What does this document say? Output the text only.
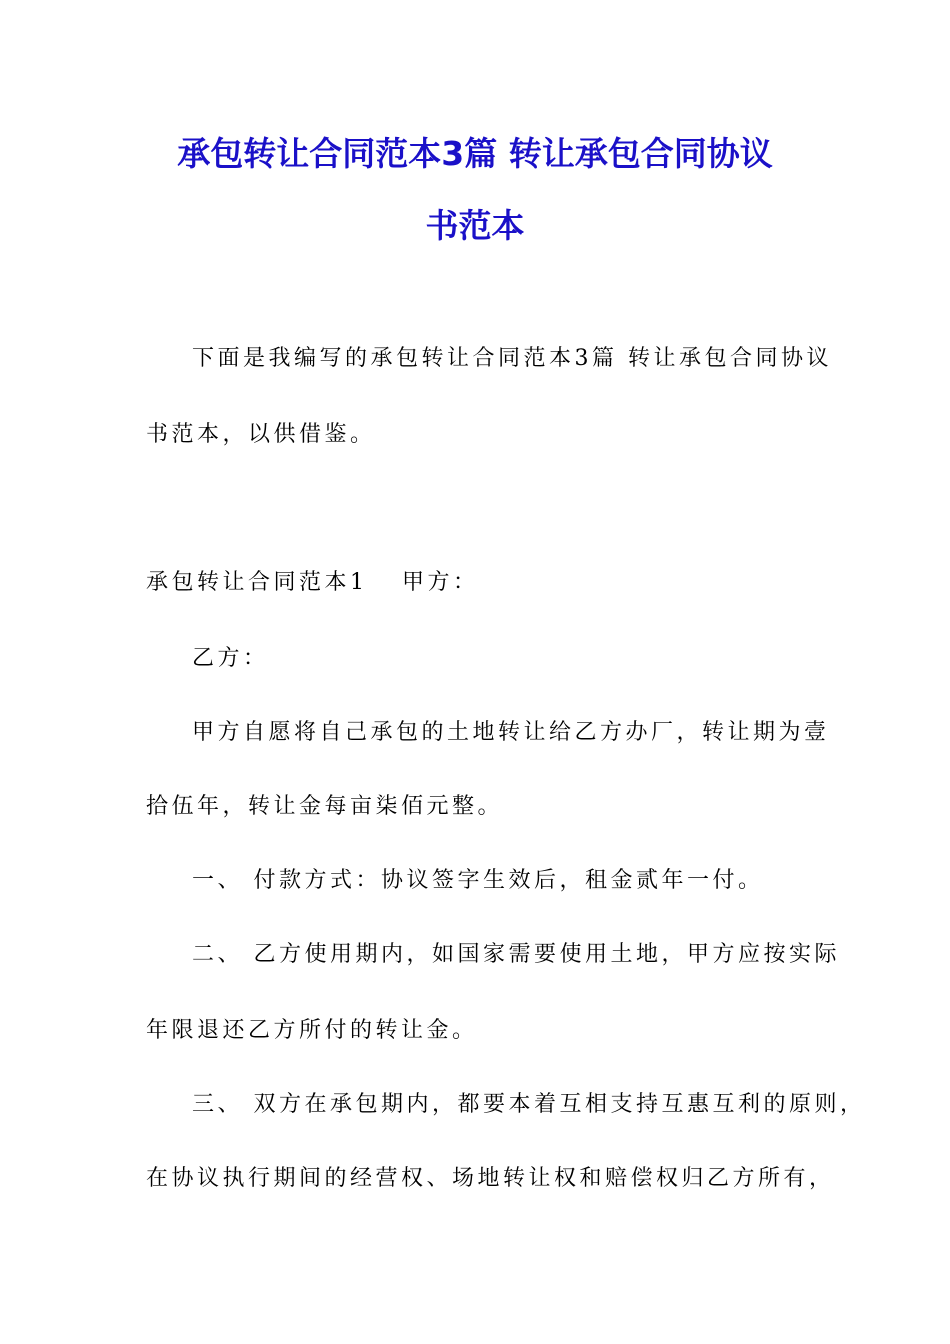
承包转让合同范本3篇 转让承包合同协议
书范本
下面是我编写的承包转让合同范本3篇 转让承包合同协议
书范本，以供借鉴。
承包转让合同范本1 甲方：
乙方：
甲方自愿将自己承包的土地转让给乙方办厂，转让期为壹
拾伍年，转让金每亩柒佰元整。
一、 付款方式：协议签字生效后，租金贰年一付。
二、 乙方使用期内，如国家需要使用土地，甲方应按实际
年限退还乙方所付的转让金。
三、 双方在承包期内，都要本着互相支持互惠互利的原则，
在协议执行期间的经营权、场地转让权和赔偿权归乙方所有，
